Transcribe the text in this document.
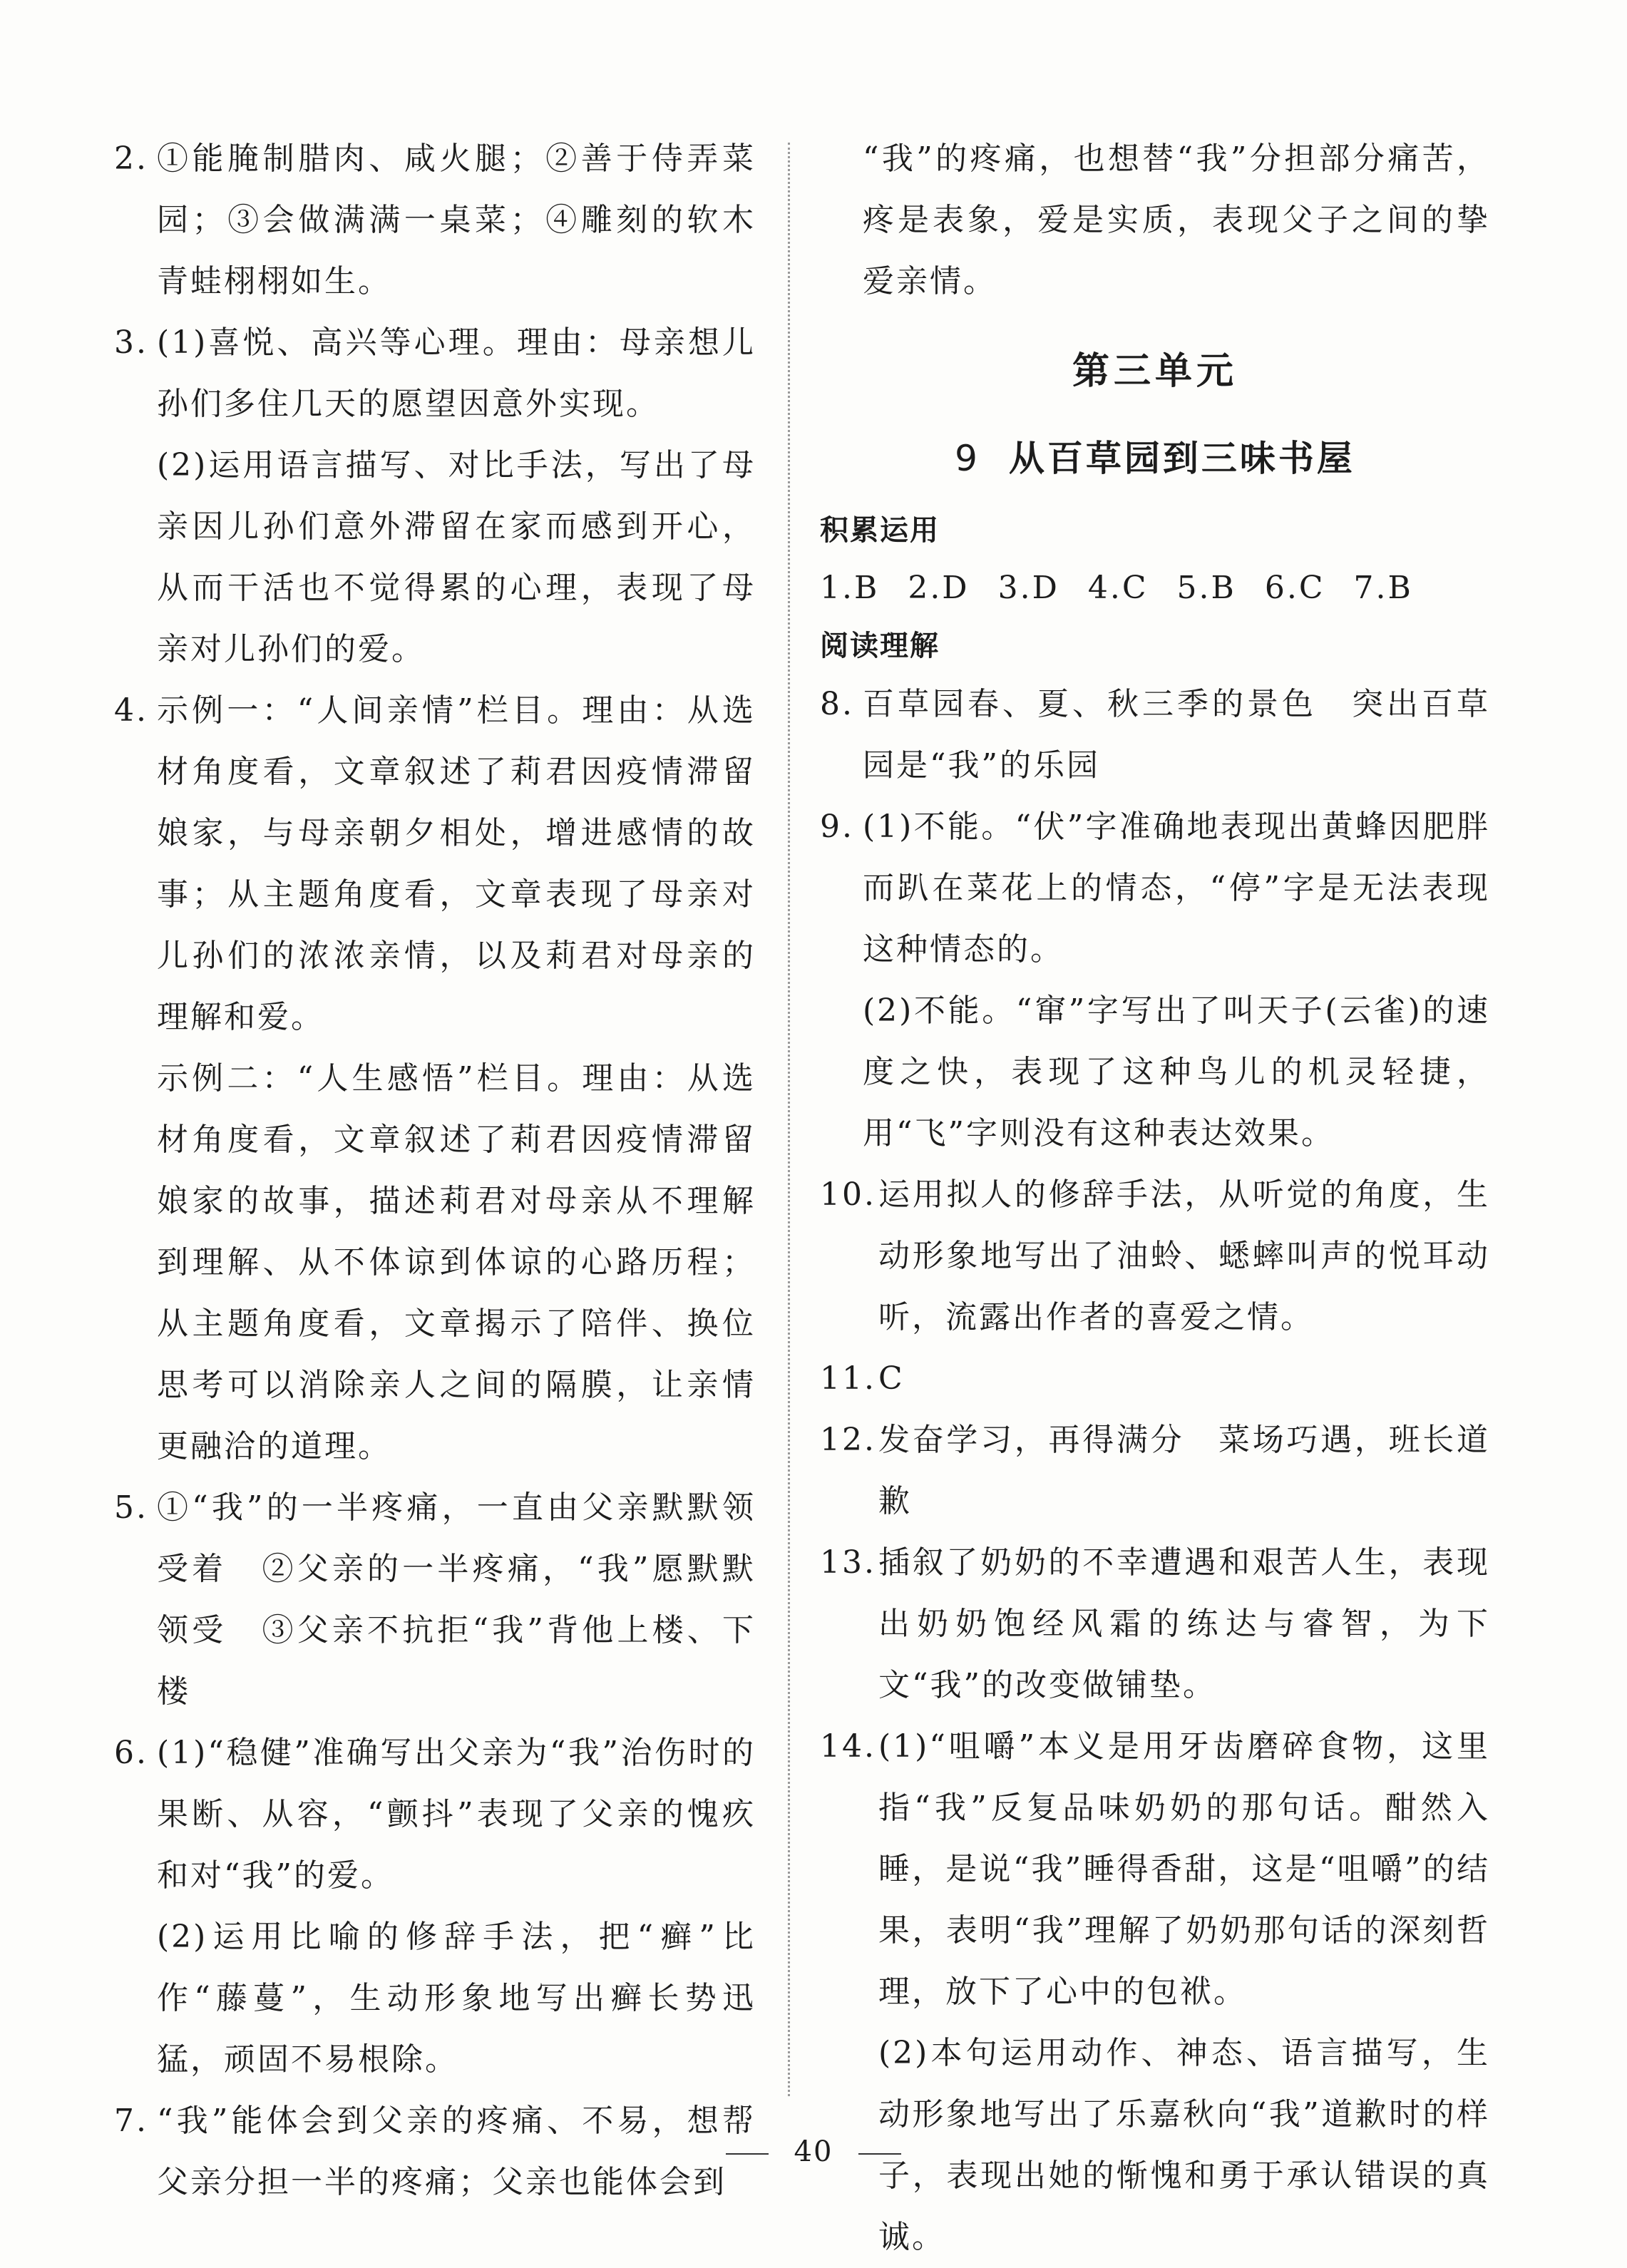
2. ①能腌制腊肉、咸火腿；②善于侍弄菜园；③会做满满一桌菜；④雕刻的软木青蛙栩栩如生。
3. (1)喜悦、高兴等心理。理由：母亲想儿孙们多住几天的愿望因意外实现。

(2)运用语言描写、对比手法，写出了母亲因儿孙们意外滞留在家而感到开心，从而干活也不觉得累的心理，表现了母亲对儿孙们的爱。

4. 示例一：“人间亲情”栏目。理由：从选材角度看，文章叙述了莉君因疫情滞留娘家，与母亲朝夕相处，增进感情的故事；从主题角度看，文章表现了母亲对儿孙们的浓浓亲情，以及莉君对母亲的理解和爱。

示例二：“人生感悟”栏目。理由：从选材角度看，文章叙述了莉君因疫情滞留娘家的故事，描述莉君对母亲从不理解到理解、从不体谅到体谅的心路历程；从主题角度看，文章揭示了陪伴、换位思考可以消除亲人之间的隔膜，让亲情更融洽的道理。

5. ①“我”的一半疼痛，一直由父亲默默领受着　②父亲的一半疼痛，“我”愿默默领受　③父亲不抗拒“我”背他上楼、下楼
6. (1)“稳健”准确写出父亲为“我”治伤时的果断、从容，“颤抖”表现了父亲的愧疚和对“我”的爱。

(2)运用比喻的修辞手法，把“癣”比作“藤蔓”，生动形象地写出癣长势迅猛，顽固不易根除。

7. “我”能体会到父亲的疼痛、不易，想帮父亲分担一半的疼痛；父亲也能体会到

“我”的疼痛，也想替“我”分担部分痛苦，疼是表象，爱是实质，表现父子之间的挚爱亲情。

第三单元
9 从百草园到三味书屋

积累运用

1.B 2.D 3.D 4.C 5.B 6.C 7.B

阅读理解

8. 百草园春、夏、秋三季的景色　突出百草园是“我”的乐园
9. (1)不能。“伏”字准确地表现出黄蜂因肥胖而趴在菜花上的情态，“停”字是无法表现这种情态的。

(2)不能。“窜”字写出了叫天子(云雀)的速度之快，表现了这种鸟儿的机灵轻捷，用“飞”字则没有这种表达效果。

10. 运用拟人的修辞手法，从听觉的角度，生动形象地写出了油蛉、蟋蟀叫声的悦耳动听，流露出作者的喜爱之情。
11. C
12. 发奋学习，再得满分　菜场巧遇，班长道歉
13. 插叙了奶奶的不幸遭遇和艰苦人生，表现出奶奶饱经风霜的练达与睿智，为下文“我”的改变做铺垫。
14. (1)“咀嚼”本义是用牙齿磨碎食物，这里指“我”反复品味奶奶的那句话。酣然入睡，是说“我”睡得香甜，这是“咀嚼”的结果，表明“我”理解了奶奶那句话的深刻哲理，放下了心中的包袱。

(2)本句运用动作、神态、语言描写，生动形象地写出了乐嘉秋向“我”道歉时的样子，表现出她的惭愧和勇于承认错误的真诚。

40
